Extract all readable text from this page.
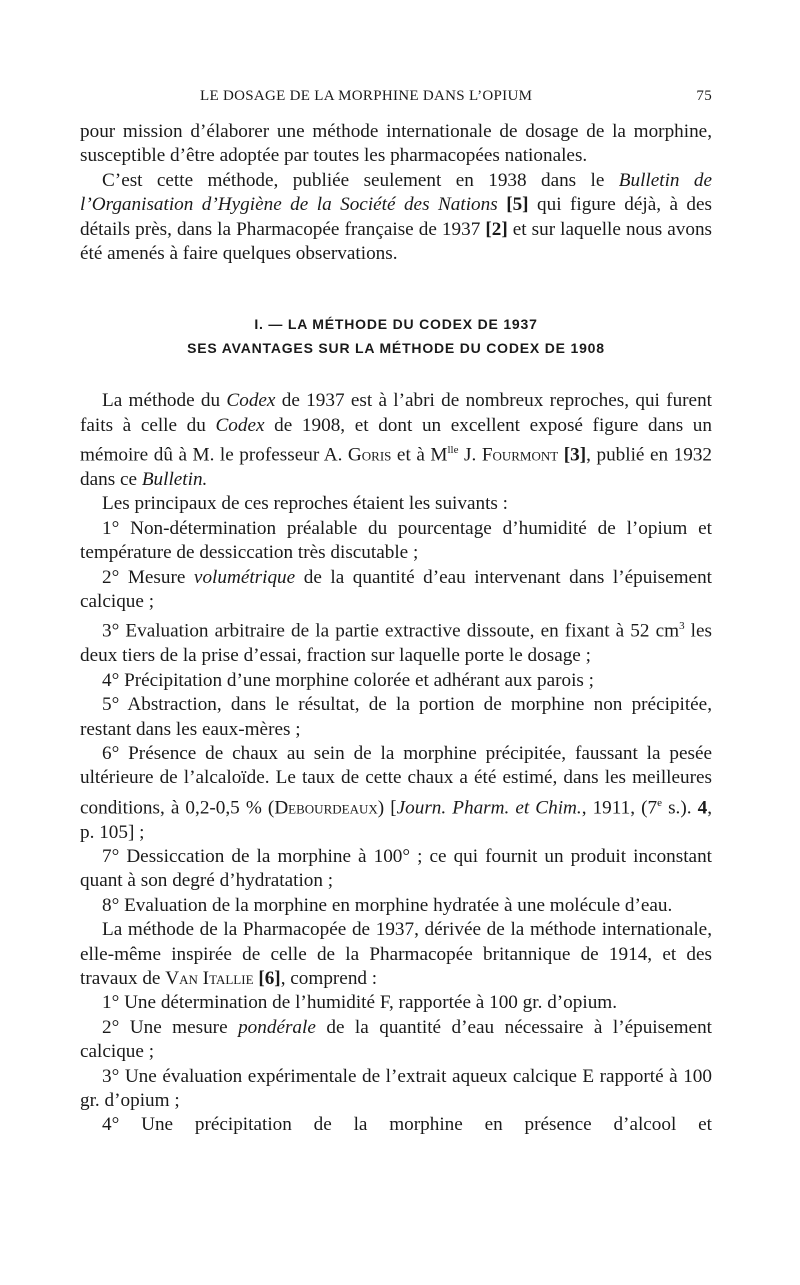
LE DOSAGE DE LA MORPHINE DANS L’OPIUM	75

pour mission d’élaborer une méthode internationale de dosage de la morphine, susceptible d’être adoptée par toutes les pharmacopées nationales.

C’est cette méthode, publiée seulement en 1938 dans le Bulletin de l’Organisation d’Hygiène de la Société des Nations [5] qui figure déjà, à des détails près, dans la Pharmacopée française de 1937 [2] et sur laquelle nous avons été amenés à faire quelques observations.

I. — LA MÉTHODE DU CODEX DE 1937
SES AVANTAGES SUR LA MÉTHODE DU CODEX DE 1908

La méthode du Codex de 1937 est à l’abri de nombreux reproches, qui furent faits à celle du Codex de 1908, et dont un excellent exposé figure dans un mémoire dû à M. le professeur A. Goris et à $M^{lle}$ J. Fourmont [3], publié en 1932 dans ce Bulletin.

Les principaux de ces reproches étaient les suivants :

1° Non-détermination préalable du pourcentage d’humidité de l’opium et température de dessiccation très discutable ;

2° Mesure volumétrique de la quantité d’eau intervenant dans l’épuisement calcique ;

3° Evaluation arbitraire de la partie extractive dissoute, en fixant à 52 $cm^3$ les deux tiers de la prise d’essai, fraction sur laquelle porte le dosage ;

4° Précipitation d’une morphine colorée et adhérant aux parois ;

5° Abstraction, dans le résultat, de la portion de morphine non précipitée, restant dans les eaux-mères ;

6° Présence de chaux au sein de la morphine précipitée, faussant la pesée ultérieure de l’alcaloïde. Le taux de cette chaux a été estimé, dans les meilleures conditions, à 0,2-0,5 % (Debourdeaux) [Journ. Pharm. et Chim., 1911, (7e s.). 4, p. 105] ;

7° Dessiccation de la morphine à 100° ; ce qui fournit un produit inconstant quant à son degré d’hydratation ;

8° Evaluation de la morphine en morphine hydratée à une molécule d’eau.

La méthode de la Pharmacopée de 1937, dérivée de la méthode internationale, elle-même inspirée de celle de la Pharmacopée britannique de 1914, et des travaux de Van Itallie [6], comprend :

1° Une détermination de l’humidité F, rapportée à 100 gr. d’opium.

2° Une mesure pondérale de la quantité d’eau nécessaire à l’épuisement calcique ;

3° Une évaluation expérimentale de l’extrait aqueux calcique E rapporté à 100 gr. d’opium ;

4° Une précipitation de la morphine en présence d’alcool et
